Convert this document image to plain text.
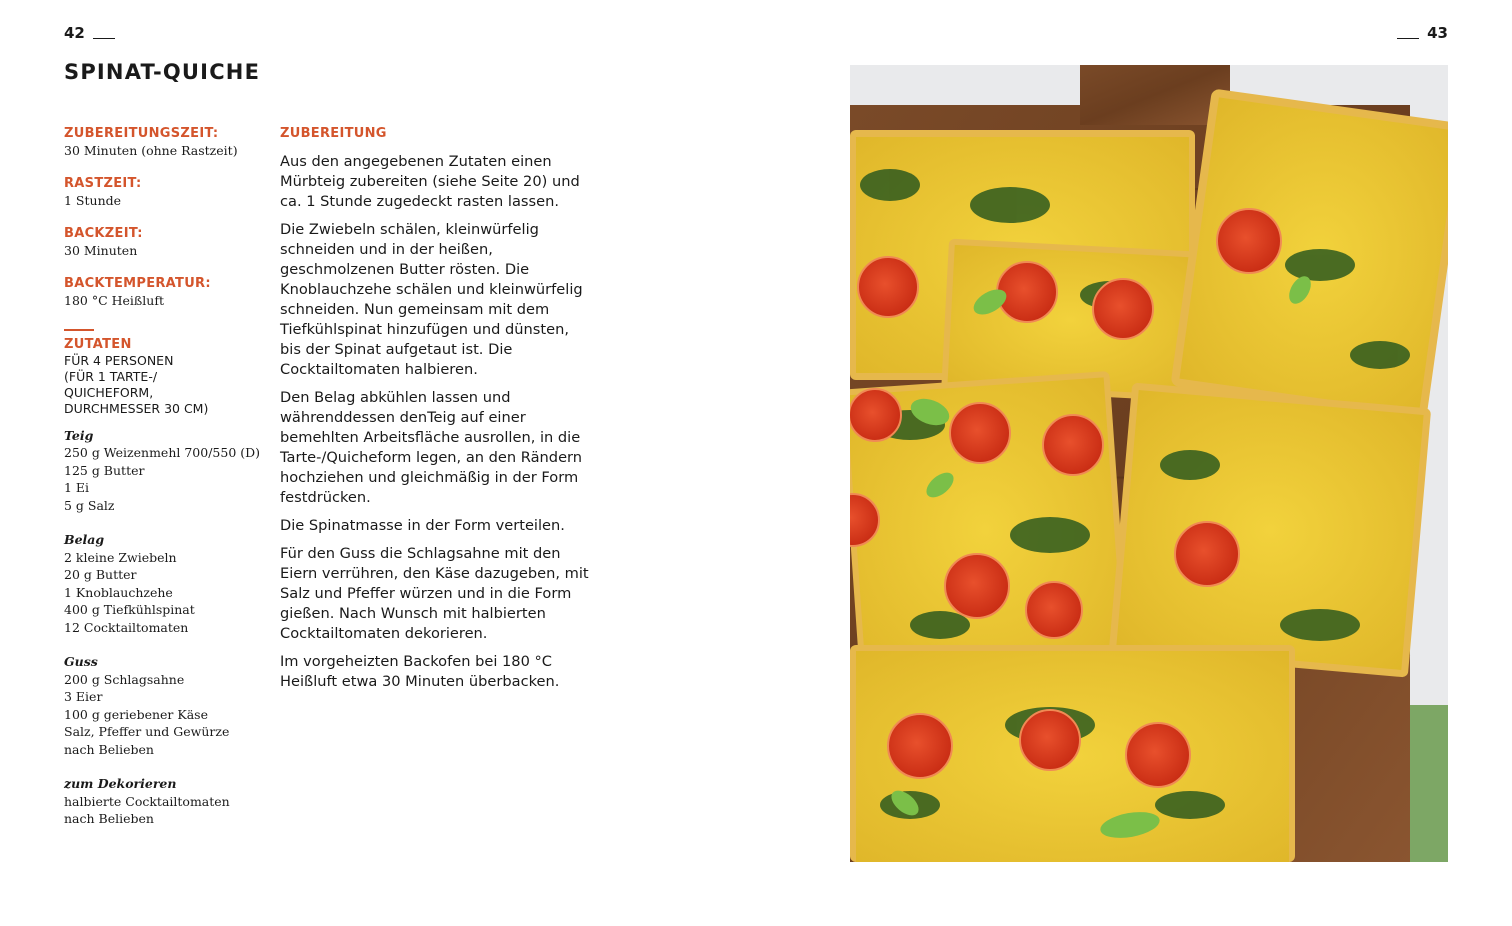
42	43
SPINAT-QUICHE
ZUBEREITUNGSZEIT:
30 Minuten (ohne Rastzeit)
RASTZEIT:
1 Stunde
BACKZEIT:
30 Minuten
BACKTEMPERATUR:
180 °C Heißluft
ZUTATEN
FÜR 4 PERSONEN
(FÜR 1 TARTE-/
QUICHEFORM,
DURCHMESSER 30 CM)
Teig
250 g Weizenmehl 700/550 (D)
125 g Butter
1 Ei
5 g Salz
Belag
2 kleine Zwiebeln
20 g Butter
1 Knoblauchzehe
400 g Tiefkühlspinat
12 Cocktailtomaten
Guss
200 g Schlagsahne
3 Eier
100 g geriebener Käse
Salz, Pfeffer und Gewürze
nach Belieben
zum Dekorieren
halbierte Cocktailtomaten
nach Belieben
ZUBEREITUNG

Aus den angegebenen Zutaten einen Mürbteig zubereiten (siehe Seite 20) und ca. 1 Stunde zugedeckt rasten lassen.

Die Zwiebeln schälen, kleinwürfelig schneiden und in der heißen, geschmolzenen Butter rösten. Die Knoblauchzehe schälen und kleinwürfelig schneiden. Nun gemeinsam mit dem Tiefkühlspinat hinzufügen und dünsten, bis der Spinat aufgetaut ist. Die Cocktailtomaten halbieren.

Den Belag abkühlen lassen und währenddessen denTeig auf einer bemehlten Arbeitsfläche ausrollen, in die Tarte-/Quicheform legen, an den Rändern hochziehen und gleichmäßig in der Form festdrücken.

Die Spinatmasse in der Form verteilen.

Für den Guss die Schlagsahne mit den Eiern verrühren, den Käse dazugeben, mit Salz und Pfeffer würzen und in die Form gießen. Nach Wunsch mit halbierten Cocktailtomaten dekorieren.

Im vorgeheizten Backofen bei 180 °C Heißluft etwa 30 Minuten überbacken.
